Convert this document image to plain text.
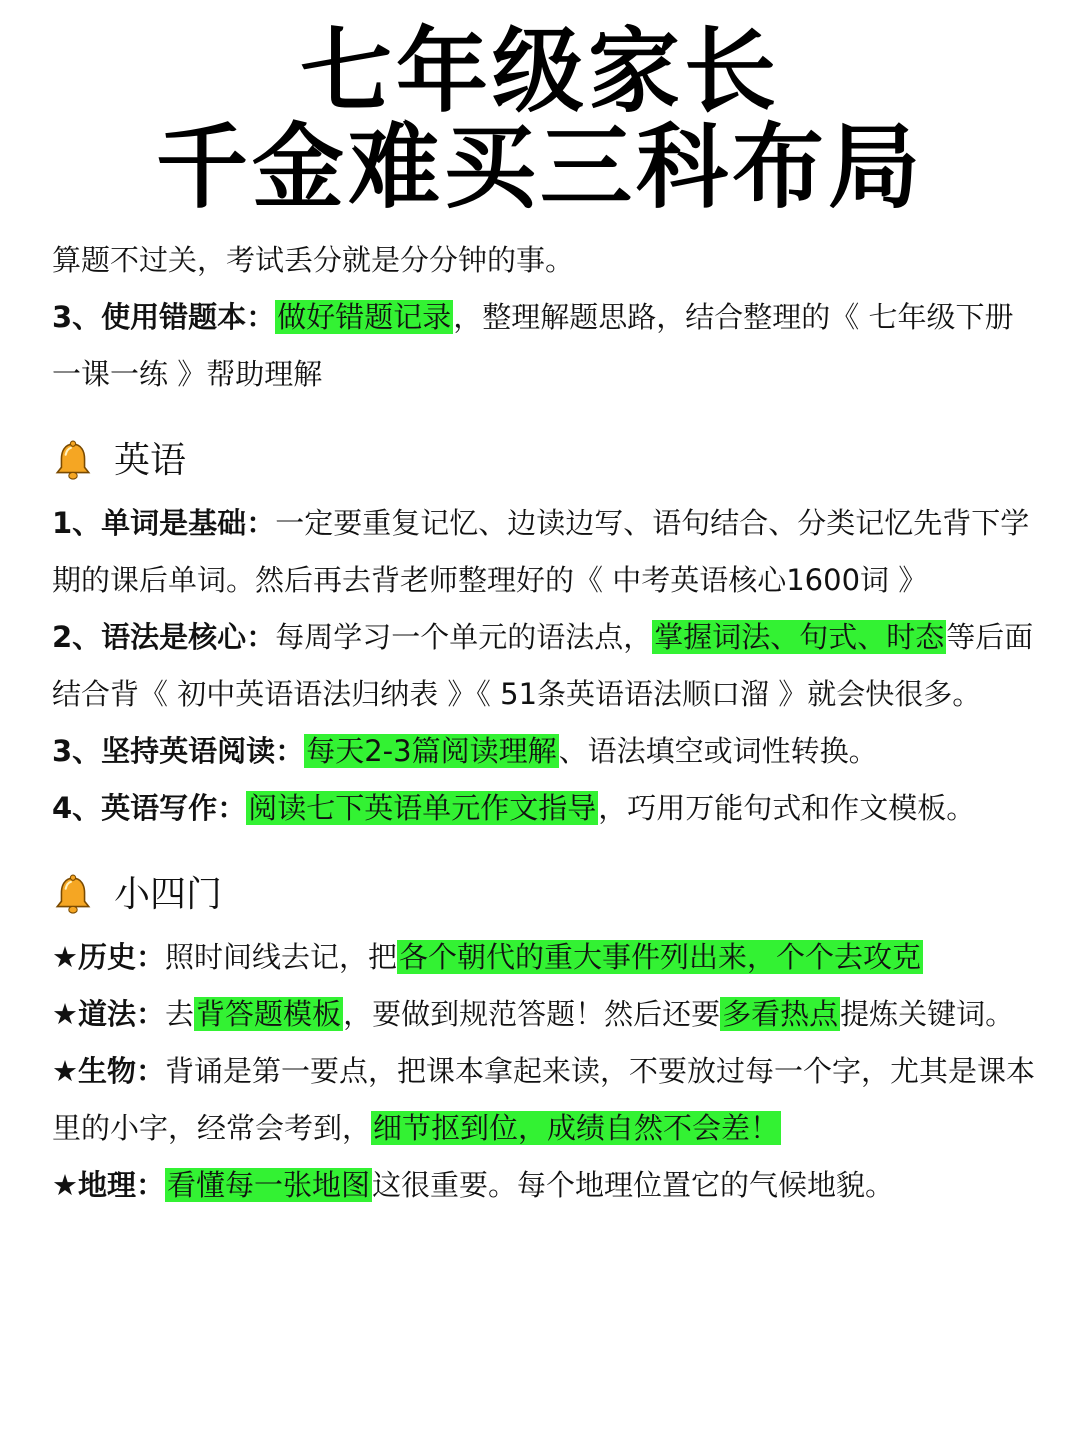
七年级家长
千金难买三科布局

算题不过关，考试丢分就是分分钟的事。

3、使用错题本：做好错题记录，整理解题思路，结合整理的《 七年级下册一课一练 》帮助理解

英语

1、单词是基础：一定要重复记忆、边读边写、语句结合、分类记忆先背下学期的课后单词。然后再去背老师整理好的《 中考英语核心1600词 》

2、语法是核心：每周学习一个单元的语法点，掌握词法、句式、时态等后面结合背《 初中英语语法归纳表 》《 51条英语语法顺口溜 》就会快很多。

3、坚持英语阅读：每天2-3篇阅读理解、语法填空或词性转换。

4、英语写作：阅读七下英语单元作文指导，巧用万能句式和作文模板。

小四门

★历史：照时间线去记，把各个朝代的重大事件列出来，个个去攻克

★道法：去背答题模板，要做到规范答题！然后还要多看热点提炼关键词。

★生物：背诵是第一要点，把课本拿起来读，不要放过每一个字，尤其是课本里的小字，经常会考到，细节抠到位，成绩自然不会差！

★地理：看懂每一张地图这很重要。每个地理位置它的气候地貌。
